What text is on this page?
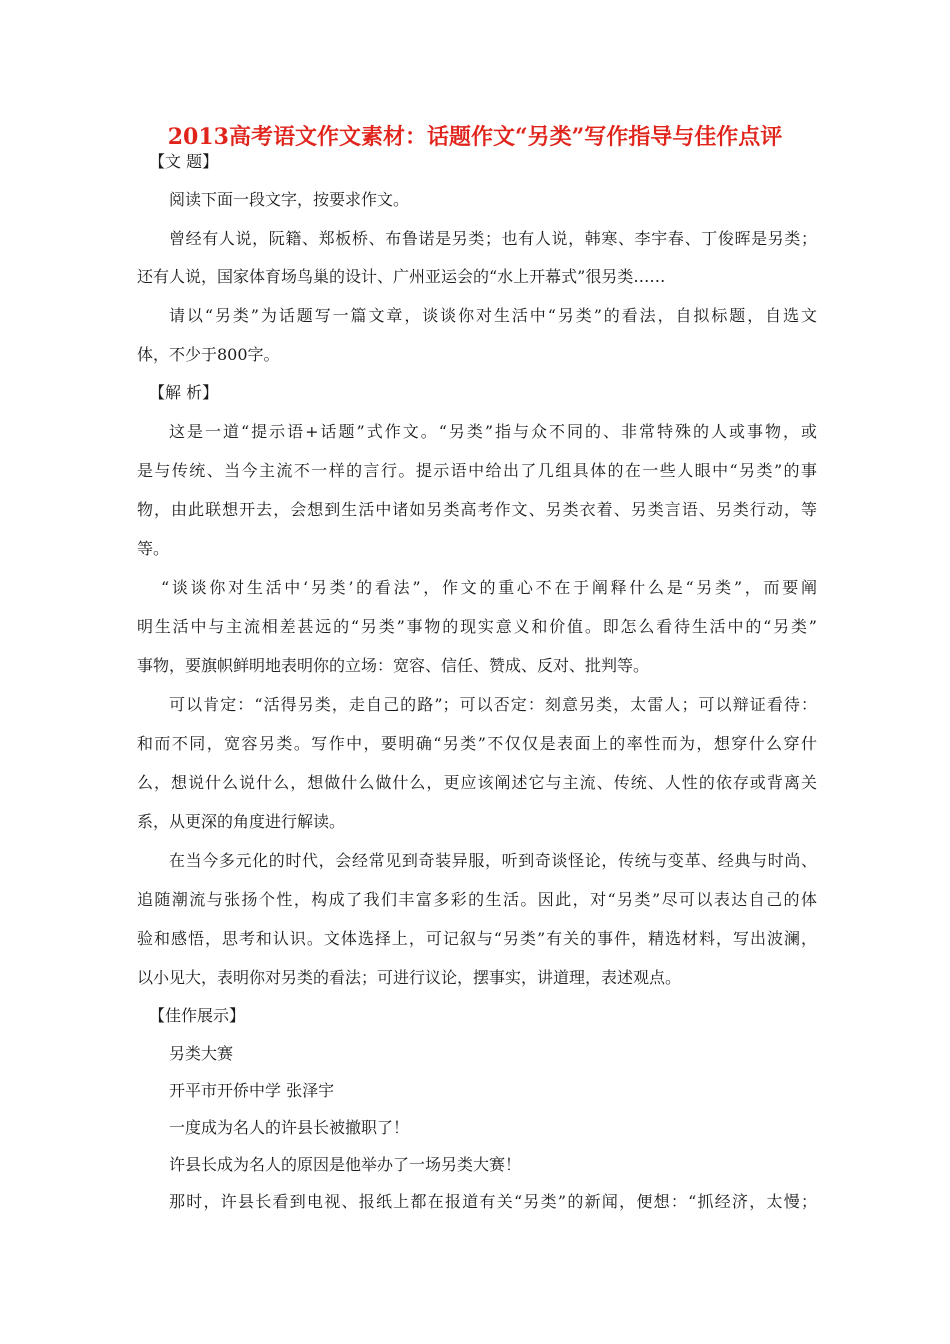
2013高考语文作文素材：话题作文“另类”写作指导与佳作点评
【文 题】
阅读下面一段文字，按要求作文。
曾经有人说，阮籍、郑板桥、布鲁诺是另类；也有人说，韩寒、李宇春、丁俊晖是另类；
还有人说，国家体育场鸟巢的设计、广州亚运会的“水上开幕式”很另类……
请以“另类”为话题写一篇文章，谈谈你对生活中“另类”的看法，自拟标题，自选文
体，不少于800字。
【解 析】
这是一道“提示语+话题”式作文。“另类”指与众不同的、非常特殊的人或事物，或
是与传统、当今主流不一样的言行。提示语中给出了几组具体的在一些人眼中“另类”的事
物，由此联想开去，会想到生活中诸如另类高考作文、另类衣着、另类言语、另类行动，等
等。
“谈谈你对生活中‘另类’的看法”，作文的重心不在于阐释什么是“另类”，而要阐
明生活中与主流相差甚远的“另类”事物的现实意义和价值。即怎么看待生活中的“另类”
事物，要旗帜鲜明地表明你的立场：宽容、信任、赞成、反对、批判等。
可以肯定：“活得另类，走自己的路”；可以否定：刻意另类，太雷人；可以辩证看待：
和而不同，宽容另类。写作中，要明确“另类”不仅仅是表面上的率性而为，想穿什么穿什
么，想说什么说什么，想做什么做什么，更应该阐述它与主流、传统、人性的依存或背离关
系，从更深的角度进行解读。
在当今多元化的时代，会经常见到奇装异服，听到奇谈怪论，传统与变革、经典与时尚、
追随潮流与张扬个性，构成了我们丰富多彩的生活。因此，对“另类”尽可以表达自己的体
验和感悟，思考和认识。文体选择上，可记叙与“另类”有关的事件，精选材料，写出波澜，
以小见大，表明你对另类的看法；可进行议论，摆事实，讲道理，表述观点。
【佳作展示】
另类大赛
开平市开侨中学 张泽宇
一度成为名人的许县长被撤职了！
许县长成为名人的原因是他举办了一场另类大赛！
那时，许县长看到电视、报纸上都在报道有关“另类”的新闻，便想：“抓经济，太慢；
